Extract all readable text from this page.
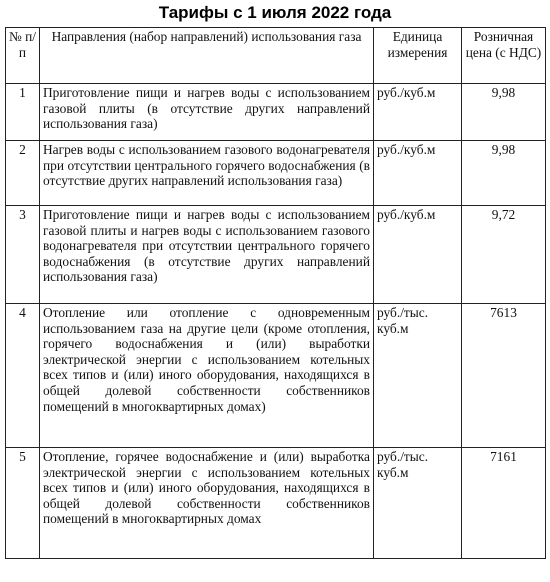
Тарифы с 1 июля 2022 года
№ п/п	Направления (набор направлений) использования газа	Единица измерения	Розничная цена (с НДС)
1	Приготовление пищи и нагрев воды с использованием газовой плиты (в отсутствие других направлений использования газа)	руб./куб.м	9,98
2	Нагрев воды с использованием газового водонагревателя при отсутствии центрального горячего водоснабжения (в отсутствие других направлений использования газа)	руб./куб.м	9,98
3	Приготовление пищи и нагрев воды с использованием газовой плиты и нагрев воды с использованием газового водонагревателя при отсутствии центрального горячего водоснабжения (в отсутствие других направлений использования газа)	руб./куб.м	9,72
4	Отопление или отопление с одновременным использованием газа на другие цели (кроме отопления, горячего водоснабжения и (или) выработки электрической энергии с использованием котельных всех типов и (или) иного оборудования, находящихся в общей долевой собственности собственников помещений в многоквартирных домах)	руб./тыс. куб.м	7613
5	Отопление, горячее водоснабжение и (или) выработка электрической энергии с использованием котельных всех типов и (или) иного оборудования, находящихся в общей долевой собственности собственников помещений в многоквартирных домах	руб./тыс. куб.м	7161
